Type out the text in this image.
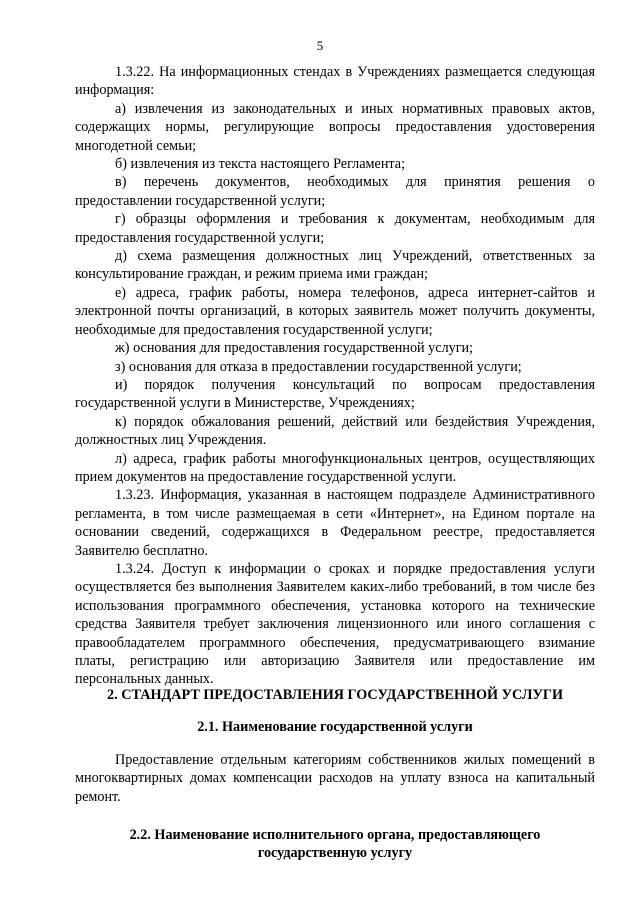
5

1.3.22. На информационных стендах в Учреждениях размещается следующая информация:

а) извлечения из законодательных и иных нормативных правовых актов, содержащих нормы, регулирующие вопросы предоставления удостоверения многодетной семьи;

б) извлечения из текста настоящего Регламента;

в) перечень документов, необходимых для принятия решения о предоставлении государственной услуги;

г) образцы оформления и требования к документам, необходимым для предоставления государственной услуги;

д) схема размещения должностных лиц Учреждений, ответственных за консультирование граждан, и режим приема ими граждан;

е) адреса, график работы, номера телефонов, адреса интернет-сайтов и электронной почты организаций, в которых заявитель может получить документы, необходимые для предоставления государственной услуги;

ж) основания для предоставления государственной услуги;

з) основания для отказа в предоставлении государственной услуги;

и) порядок получения консультаций по вопросам предоставления государственной услуги в Министерстве, Учреждениях;

к) порядок обжалования решений, действий или бездействия Учреждения, должностных лиц Учреждения.

л) адреса, график работы многофункциональных центров, осуществляющих прием документов на предоставление государственной услуги.

1.3.23. Информация, указанная в настоящем подразделе Административного регламента, в том числе размещаемая в сети «Интернет», на Едином портале на основании сведений, содержащихся в Федеральном реестре, предоставляется Заявителю бесплатно.

1.3.24. Доступ к информации о сроках и порядке предоставления услуги осуществляется без выполнения Заявителем каких-либо требований, в том числе без использования программного обеспечения, установка которого на технические средства Заявителя требует заключения лицензионного или иного соглашения с правообладателем программного обеспечения, предусматривающего взимание платы, регистрацию или авторизацию Заявителя или предоставление им персональных данных.

2. СТАНДАРТ ПРЕДОСТАВЛЕНИЯ ГОСУДАРСТВЕННОЙ УСЛУГИ
2.1. Наименование государственной услуги

Предоставление отдельным категориям собственников жилых помещений в многоквартирных домах компенсации расходов на уплату взноса на капитальный ремонт.

2.2. Наименование исполнительного органа, предоставляющего государственную услугу
